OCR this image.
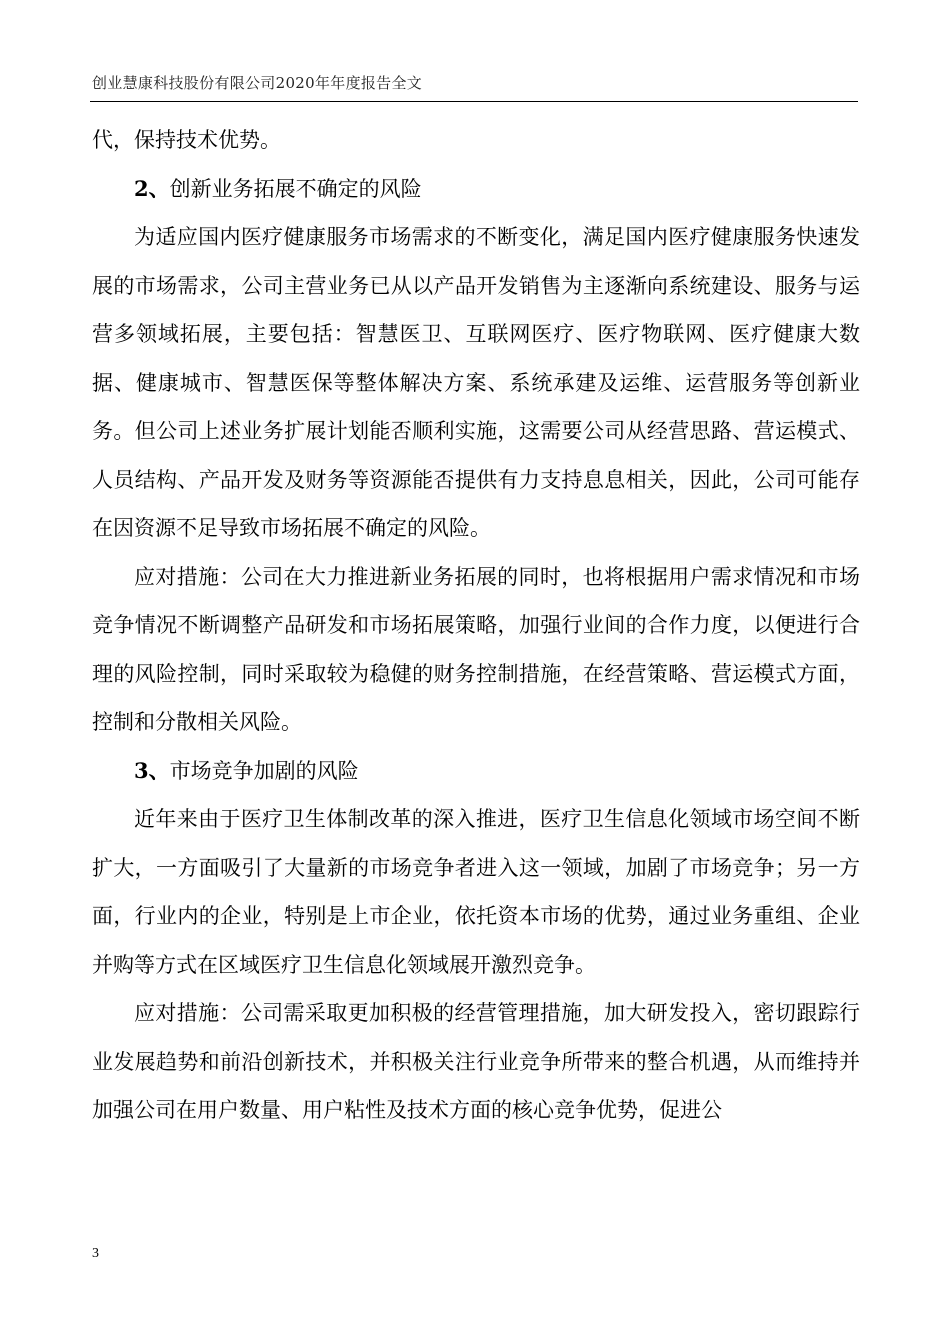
创业慧康科技股份有限公司2020年年度报告全文

代，保持技术优势。

2、创新业务拓展不确定的风险

为适应国内医疗健康服务市场需求的不断变化，满足国内医疗健康服务快速发展的市场需求，公司主营业务已从以产品开发销售为主逐渐向系统建设、服务与运营多领域拓展，主要包括：智慧医卫、互联网医疗、医疗物联网、医疗健康大数据、健康城市、智慧医保等整体解决方案、系统承建及运维、运营服务等创新业务。但公司上述业务扩展计划能否顺利实施，这需要公司从经营思路、营运模式、人员结构、产品开发及财务等资源能否提供有力支持息息相关，因此，公司可能存在因资源不足导致市场拓展不确定的风险。

应对措施：公司在大力推进新业务拓展的同时，也将根据用户需求情况和市场竞争情况不断调整产品研发和市场拓展策略，加强行业间的合作力度，以便进行合理的风险控制，同时采取较为稳健的财务控制措施，在经营策略、营运模式方面，控制和分散相关风险。

3、市场竞争加剧的风险

近年来由于医疗卫生体制改革的深入推进，医疗卫生信息化领域市场空间不断扩大，一方面吸引了大量新的市场竞争者进入这一领域，加剧了市场竞争；另一方面，行业内的企业，特别是上市企业，依托资本市场的优势，通过业务重组、企业并购等方式在区域医疗卫生信息化领域展开激烈竞争。

应对措施：公司需采取更加积极的经营管理措施，加大研发投入，密切跟踪行业发展趋势和前沿创新技术，并积极关注行业竞争所带来的整合机遇，从而维持并加强公司在用户数量、用户粘性及技术方面的核心竞争优势，促进公

3
